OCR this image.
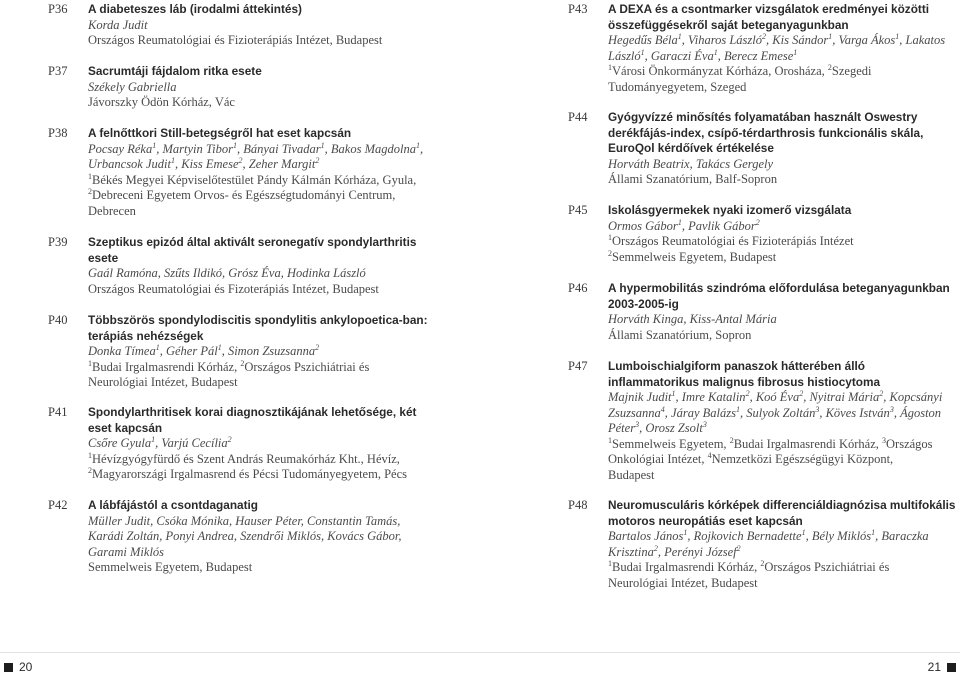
P36	A diabeteszes láb (irodalmi áttekintés)
Korda Judit
Országos Reumatológiai és Fizioterápiás Intézet, Budapest
P37	Sacrumtáji fájdalom ritka esete
Székely Gabriella
Jávorszky Ödön Kórház, Vác
P38	A felnőttkori Still-betegségről hat eset kapcsán
Pocsay Réka$^1$, Martyin Tibor$^1$, Bányai Tivadar$^1$, Bakos Magdolna$^1$,
Urbancsok Judit$^1$, Kiss Emese$^2$, Zeher Margit$^2$
$^1$Békés Megyei Képviselőtestület Pándy Kálmán Kórháza, Gyula,
$^2$Debreceni Egyetem Orvos- és Egészségtudományi Centrum,
Debrecen
P39	Szeptikus epizód által aktivált seronegatív spondylarthritis
esete
Gaál Ramóna, Szűts Ildikó, Grósz Éva, Hodinka László
Országos Reumatológiai és Fizoterápiás Intézet, Budapest
P40	Többszörös spondylodiscitis spondylitis ankylopoetica-ban:
terápiás nehézségek
Donka Tímea$^1$, Géher Pál$^1$, Simon Zsuzsanna$^2$
$^1$Budai Irgalmasrendi Kórház, $^2$Országos Pszichiátriai és
Neurológiai Intézet, Budapest
P41	Spondylarthritisek korai diagnosztikájának lehetősége, két
eset kapcsán
Csőre Gyula$^1$, Varjú Cecília$^2$
$^1$Hévízgyógyfürdő és Szent András Reumakórház Kht., Hévíz,
$^2$Magyarországi Irgalmasrend és Pécsi Tudományegyetem, Pécs
P42	A lábfájástól a csontdaganatig
Müller Judit, Csóka Mónika, Hauser Péter, Constantin Tamás,
Karádi Zoltán, Ponyi Andrea, Szendrői Miklós, Kovács Gábor,
Garami Miklós
Semmelweis Egyetem, Budapest
P43	A DEXA és a csontmarker vizsgálatok eredményei közötti
összefüggésekről saját beteganyagunkban
Hegedűs Béla$^1$, Viharos László$^2$, Kis Sándor$^1$, Varga Ákos$^1$, Lakatos
László$^1$, Garaczi Éva$^1$, Berecz Emese$^1$
$^1$Városi Önkormányzat Kórháza, Orosháza, $^2$Szegedi
Tudományegyetem, Szeged
P44	Gyógyvízzé minősítés folyamatában használt Oswestry
derékfájás-index, csípő-térdarthrosis funkcionális skála,
EuroQol kérdőívek értékelése
Horváth Beatrix, Takács Gergely
Állami Szanatórium, Balf-Sopron
P45	Iskolásgyermekek nyaki izomerő vizsgálata
Ormos Gábor$^1$, Pavlik Gábor$^2$
$^1$Országos Reumatológiai és Fizioterápiás Intézet
$^2$Semmelweis Egyetem, Budapest
P46	A hypermobilitás szindróma előfordulása beteganyagunkban
2003-2005-ig
Horváth Kinga, Kiss-Antal Mária
Állami Szanatórium, Sopron
P47	Lumboischialgiform panaszok hátterében álló
inflammatorikus malignus fibrosus histiocytoma
Majnik Judit$^1$, Imre Katalin$^2$, Koó Éva$^2$, Nyitrai Mária$^2$, Kopcsányi
Zsuzsanna$^4$, Járay Balázs$^1$, Sulyok Zoltán$^3$, Köves István$^3$, Ágoston
Péter$^3$, Orosz Zsolt$^3$
$^1$Semmelweis Egyetem, $^2$Budai Irgalmasrendi Kórház, $^3$Országos
Onkológiai Intézet, $^4$Nemzetközi Egészségügyi Központ,
Budapest
P48	Neuromusculáris kórképek differenciáldiagnózisa multifokális
motoros neuropátiás eset kapcsán
Bartalos János$^1$, Rojkovich Bernadette$^1$, Bély Miklós$^1$, Baraczka
Krisztina$^2$, Perényi József$^2$
$^1$Budai Irgalmasrendi Kórház, $^2$Országos Pszichiátriai és
Neurológiai Intézet, Budapest
20	21
